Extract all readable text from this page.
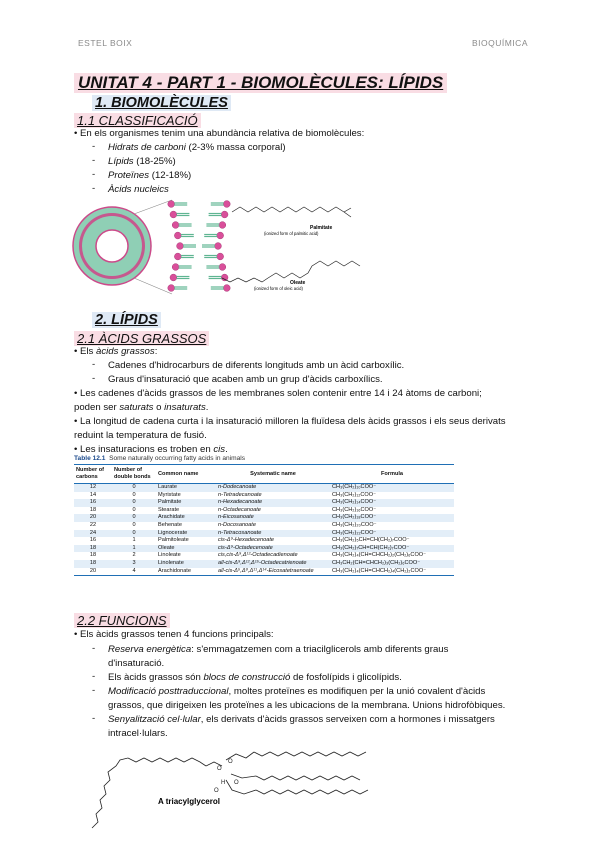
ESTEL BOIX	BIOQUÍMICA
UNITAT 4 - PART 1 - BIOMOLÈCULES: LÍPIDS
1. BIOMOLÈCULES
1.1 CLASSIFICACIÓ
• En els organismes tenim una abundància relativa de biomolècules:
- Hidrats de carboni (2-3% massa corporal)
- Lípids (18-25%)
- Proteïnes (12-18%)
- Àcids nucleics
Palmitate
(ionized form of palmitic acid)
Oleate
(ionized form of oleic acid)
2. LÍPIDS
2.1 ÀCIDS GRASSOS
• Els àcids grassos:
- Cadenes d'hidrocarburs de diferents longituds amb un àcid carboxílic.
- Graus d'insaturació que acaben amb un grup d'àcids carboxílics.
• Les cadenes d'àcids grassos de les membranes solen contenir entre 14 i 24 àtoms de carboni;
poden ser saturats o insaturats.
• La longitud de cadena curta i la insaturació milloren la fluïdesa dels àcids grassos i els seus derivats
reduint la temperatura de fusió.
• Les insaturacions es troben en cis.
Table 12.1 Some naturally occurring fatty acids in animals
Number of carbons	Number of double bonds	Common name	Systematic name	Formula
12	0	Laurate	n-Dodecanoate	CH₃(CH₂)₁₀COO⁻
14	0	Myristate	n-Tetradecanoate	CH₃(CH₂)₁₂COO⁻
16	0	Palmitate	n-Hexadecanoate	CH₃(CH₂)₁₄COO⁻
18	0	Stearate	n-Octadecanoate	CH₃(CH₂)₁₆COO⁻
20	0	Arachidate	n-Eicosanoate	CH₃(CH₂)₁₈COO⁻
22	0	Behenate	n-Docosanoate	CH₃(CH₂)₂₀COO⁻
24	0	Lignocerate	n-Tetracosanoate	CH₃(CH₂)₂₂COO⁻
16	1	Palmitoleate	cis-Δ⁹-Hexadecenoate	CH₃(CH₂)₅CH=CH(CH₂)₇COO⁻
18	1	Oleate	cis-Δ⁹-Octadecenoate	CH₃(CH₂)₇CH=CH(CH₂)₇COO⁻
18	2	Linoleate	cis,cis-Δ⁹,Δ¹²-Octadecadienoate	CH₃(CH₂)₄(CH=CHCH₂)₂(CH₂)₆COO⁻
18	3	Linolenate	all-cis-Δ⁹,Δ¹²,Δ¹⁵-Octadecatrienoate	CH₃CH₂(CH=CHCH₂)₃(CH₂)₆COO⁻
20	4	Arachidonate	all-cis-Δ⁵,Δ⁸,Δ¹¹,Δ¹⁴-Eicosatetraenoate	CH₃(CH₂)₄(CH=CHCH₂)₄(CH₂)₂COO⁻
2.2 FUNCIONS
• Els àcids grassos tenen 4 funcions principals:
- Reserva energètica: s'emmagatzemen com a triacilglicerols amb diferents graus
d'insaturació.
- Els àcids grassos són blocs de construcció de fosfolípids i glicolípids.
- Modificació posttraduccional, moltes proteïnes es modifiquen per la unió covalent d'àcids
grassos, que dirigeixen les proteïnes a les ubicacions de la membrana. Unions hidrofòbiques.
- Senyalització cel·lular, els derivats d'àcids grassos serveixen com a hormones i missatgers
intracel·lulars.
O
O
H O
O
A triacylglycerol
